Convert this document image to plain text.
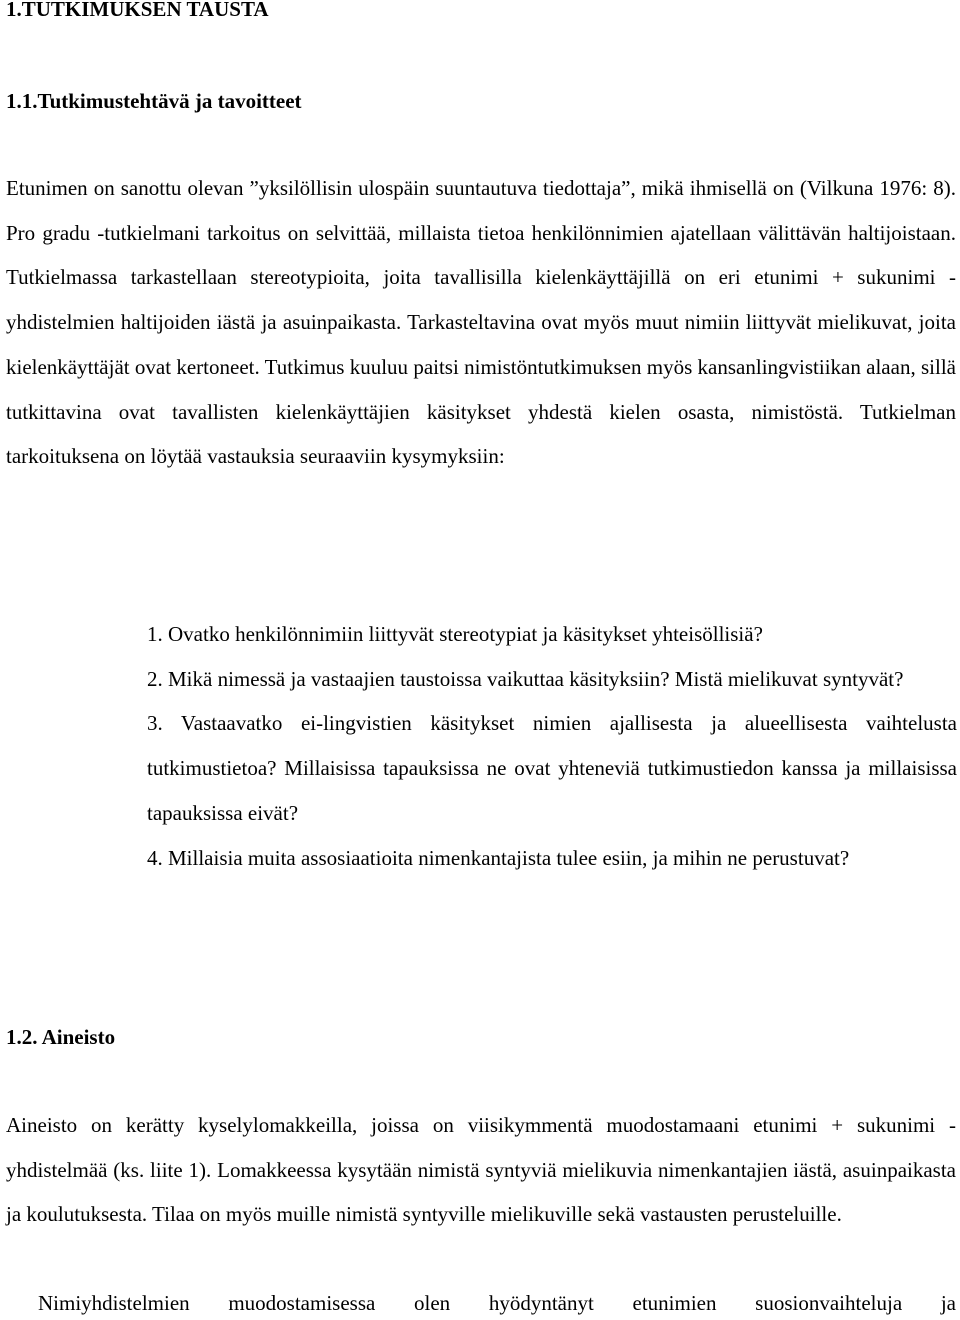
1.TUTKIMUKSEN TAUSTA
1.1.Tutkimustehtävä ja tavoitteet

Etunimen on sanottu olevan ”yksilöllisin ulospäin suuntautuva tiedottaja”, mikä ihmisellä on (Vilkuna 1976: 8). Pro gradu -tutkielmani tarkoitus on selvittää, millaista tietoa henkilönnimien ajatellaan välittävän haltijoistaan. Tutkielmassa tarkastellaan stereotypioita, joita tavallisilla kielenkäyttäjillä on eri etunimi + sukunimi -yhdistelmien haltijoiden iästä ja asuinpaikasta. Tarkasteltavina ovat myös muut nimiin liittyvät mielikuvat, joita kielenkäyttäjät ovat kertoneet. Tutkimus kuuluu paitsi nimistöntutkimuksen myös kansanlingvistiikan alaan, sillä tutkittavina ovat tavallisten kielenkäyttäjien käsitykset yhdestä kielen osasta, nimistöstä. Tutkielman tarkoituksena on löytää vastauksia seuraaviin kysymyksiin:

1. Ovatko henkilönnimiin liittyvät stereotypiat ja käsitykset yhteisöllisiä?
2. Mikä nimessä ja vastaajien taustoissa vaikuttaa käsityksiin? Mistä mielikuvat syntyvät?
3. Vastaavatko ei-lingvistien käsitykset nimien ajallisesta ja alueellisesta vaihtelusta tutkimustietoa? Millaisissa tapauksissa ne ovat yhteneviä tutkimustiedon kanssa ja millaisissa tapauksissa eivät?
4. Millaisia muita assosiaatioita nimenkantajista tulee esiin, ja mihin ne perustuvat?
1.2. Aineisto

Aineisto on kerätty kyselylomakkeilla, joissa on viisikymmentä muodostamaani etunimi + sukunimi -yhdistelmää (ks. liite 1). Lomakkeessa kysytään nimistä syntyviä mielikuvia nimenkantajien iästä, asuinpaikasta ja koulutuksesta. Tilaa on myös muille nimistä syntyville mielikuville sekä vastausten perusteluille.

Nimiyhdistelmien muodostamisessa olen hyödyntänyt etunimien suosionvaihteluja ja
